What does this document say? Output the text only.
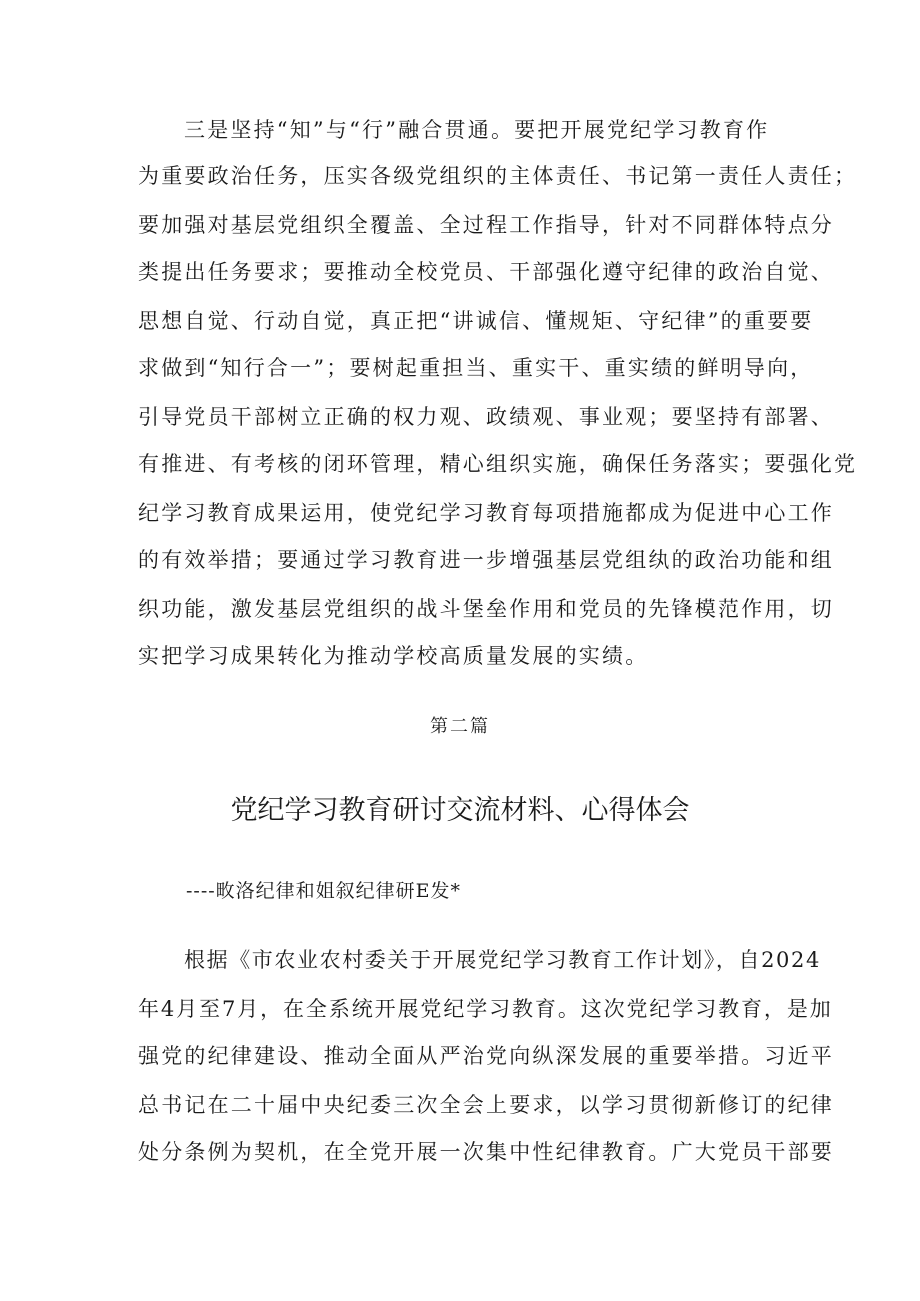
三是坚持“知”与“行”融合贯通。要把开展党纪学习教育作
为重要政治任务，压实各级党组织的主体责任、书记第一责任人责任；
要加强对基层党组织全覆盖、全过程工作指导，针对不同群体特点分
类提出任务要求；要推动全校党员、干部强化遵守纪律的政治自觉、
思想自觉、行动自觉，真正把“讲诚信、懂规矩、守纪律”的重要要
求做到“知行合一”；要树起重担当、重实干、重实绩的鲜明导向，
引导党员干部树立正确的权力观、政绩观、事业观；要坚持有部署、
有推进、有考核的闭环管理，精心组织实施，确保任务落实；要强化党
纪学习教育成果运用，使党纪学习教育每项措施都成为促进中心工作
的有效举措；要通过学习教育进一步增强基层党组纨的政治功能和组
织功能，激发基层党组织的战斗堡垒作用和党员的先锋模范作用，切
实把学习成果转化为推动学校高质量发展的实绩。
第二篇
党纪学习教育研讨交流材料、心得体会
----畋洛纪律和姐叙纪律研E发*
根据《市农业农村委关于开展党纪学习教育工作计划》，自2024
年4月至7月，在全系统开展党纪学习教育。这次党纪学习教育，是加
强党的纪律建设、推动全面从严治党向纵深发展的重要举措。习近平
总书记在二十届中央纪委三次全会上要求，以学习贯彻新修订的纪律
处分条例为契机，在全党开展一次集中性纪律教育。广大党员干部要
